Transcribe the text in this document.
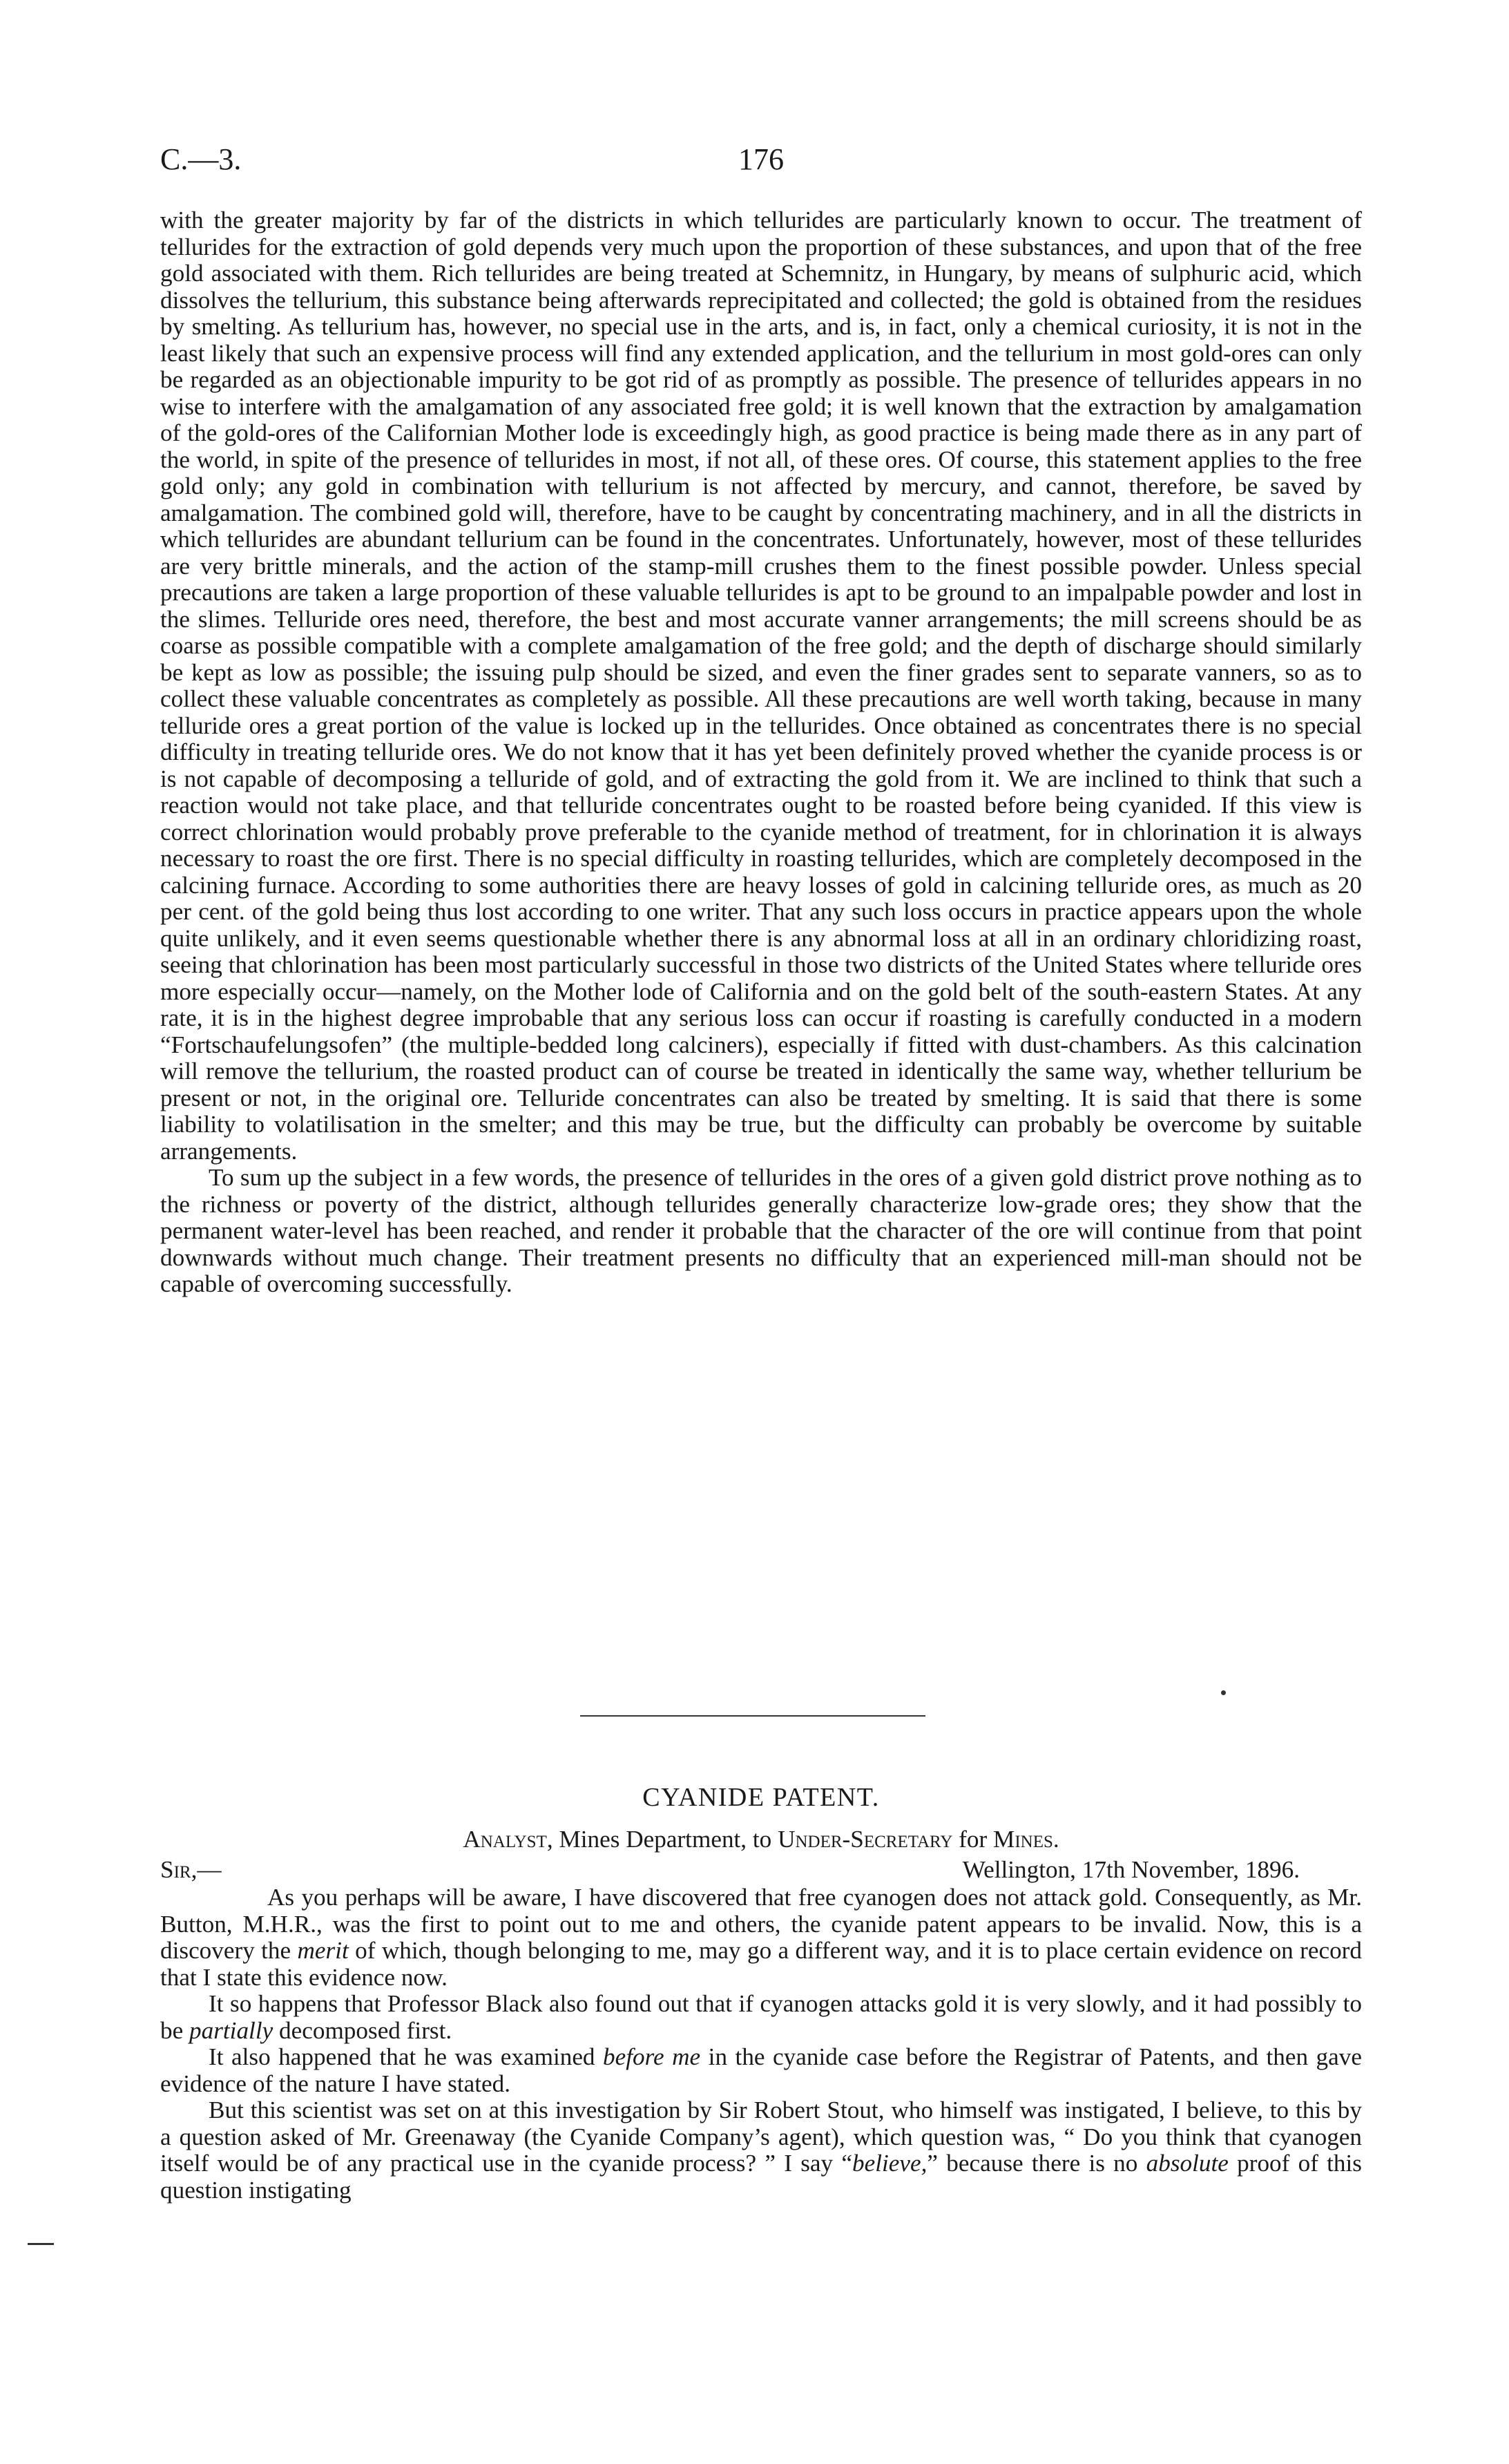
C.—3.	176

with the greater majority by far of the districts in which tellurides are particularly known to occur. The treatment of tellurides for the extraction of gold depends very much upon the proportion of these substances, and upon that of the free gold associated with them. Rich tellurides are being treated at Schemnitz, in Hungary, by means of sulphuric acid, which dissolves the tellurium, this substance being afterwards reprecipitated and collected; the gold is obtained from the residues by smelting. As tellurium has, however, no special use in the arts, and is, in fact, only a chemical curiosity, it is not in the least likely that such an expensive process will find any extended application, and the tellurium in most gold-ores can only be regarded as an objectionable impurity to be got rid of as promptly as possible. The presence of tellurides appears in no wise to interfere with the amalgamation of any associated free gold; it is well known that the extraction by amalgamation of the gold-ores of the Californian Mother lode is exceedingly high, as good practice is being made there as in any part of the world, in spite of the presence of tellurides in most, if not all, of these ores. Of course, this statement applies to the free gold only; any gold in combination with tellurium is not affected by mercury, and cannot, therefore, be saved by amalgamation. The combined gold will, therefore, have to be caught by concentrating machinery, and in all the districts in which tellurides are abundant tellurium can be found in the concentrates. Unfortunately, however, most of these tellurides are very brittle minerals, and the action of the stamp-mill crushes them to the finest possible powder. Unless special precautions are taken a large proportion of these valuable tellurides is apt to be ground to an impalpable powder and lost in the slimes. Telluride ores need, therefore, the best and most accurate vanner arrangements; the mill screens should be as coarse as possible compatible with a complete amalgamation of the free gold; and the depth of discharge should similarly be kept as low as possible; the issuing pulp should be sized, and even the finer grades sent to separate vanners, so as to collect these valuable concentrates as completely as possible. All these precautions are well worth taking, because in many telluride ores a great portion of the value is locked up in the tellurides. Once obtained as concentrates there is no special difficulty in treating telluride ores. We do not know that it has yet been definitely proved whether the cyanide process is or is not capable of decomposing a telluride of gold, and of extracting the gold from it. We are inclined to think that such a reaction would not take place, and that telluride concentrates ought to be roasted before being cyanided. If this view is correct chlorination would probably prove preferable to the cyanide method of treatment, for in chlorination it is always necessary to roast the ore first. There is no special difficulty in roasting tellurides, which are completely decomposed in the calcining furnace. According to some authorities there are heavy losses of gold in calcining telluride ores, as much as 20 per cent. of the gold being thus lost according to one writer. That any such loss occurs in practice appears upon the whole quite unlikely, and it even seems questionable whether there is any abnormal loss at all in an ordinary chloridizing roast, seeing that chlorination has been most particularly successful in those two districts of the United States where telluride ores more especially occur—namely, on the Mother lode of California and on the gold belt of the south-eastern States. At any rate, it is in the highest degree improbable that any serious loss can occur if roasting is carefully conducted in a modern “Fortschaufelungsofen” (the multiple-bedded long calciners), especially if fitted with dust-chambers. As this calcination will remove the tellurium, the roasted product can of course be treated in identically the same way, whether tellurium be present or not, in the original ore. Telluride concentrates can also be treated by smelting. It is said that there is some liability to volatilisation in the smelter; and this may be true, but the difficulty can probably be overcome by suitable arrangements.

To sum up the subject in a few words, the presence of tellurides in the ores of a given gold district prove nothing as to the richness or poverty of the district, although tellurides generally characterize low-grade ores; they show that the permanent water-level has been reached, and render it probable that the character of the ore will continue from that point downwards without much change. Their treatment presents no difficulty that an experienced mill-man should not be capable of overcoming successfully.

CYANIDE PATENT.
Analyst, Mines Department, to Under-Secretary for Mines.
Sir,—	Wellington, 17th November, 1896.

As you perhaps will be aware, I have discovered that free cyanogen does not attack gold. Consequently, as Mr. Button, M.H.R., was the first to point out to me and others, the cyanide patent appears to be invalid. Now, this is a discovery the merit of which, though belonging to me, may go a different way, and it is to place certain evidence on record that I state this evidence now.

It so happens that Professor Black also found out that if cyanogen attacks gold it is very slowly, and it had possibly to be partially decomposed first.

It also happened that he was examined before me in the cyanide case before the Registrar of Patents, and then gave evidence of the nature I have stated.

But this scientist was set on at this investigation by Sir Robert Stout, who himself was instigated, I believe, to this by a question asked of Mr. Greenaway (the Cyanide Company’s agent), which question was, “ Do you think that cyanogen itself would be of any practical use in the cyanide process? ” I say “believe,” because there is no absolute proof of this question instigating
